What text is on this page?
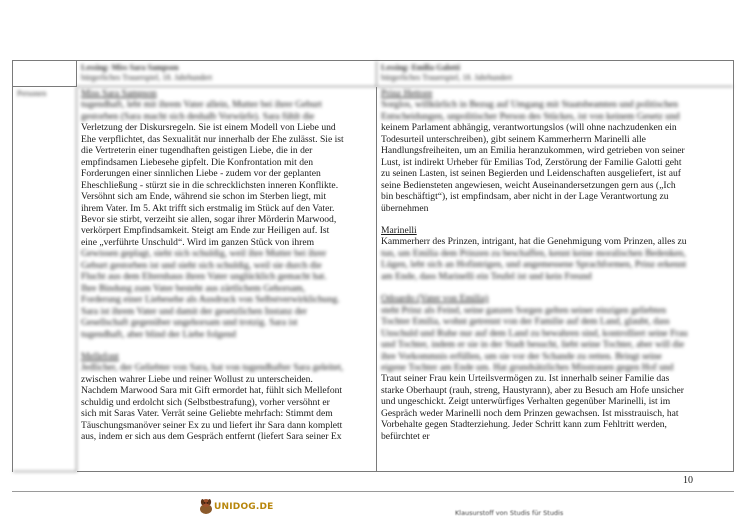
Lessing: Miss Sara Sampson
bürgerliches Trauerspiel, 18. Jahrhundert
Lessing: Emilia Galotti
bürgerliches Trauerspiel, 18. Jahrhundert
Personen	Miss Sara Sampson

tugendhaft, lebt mit ihrem Vater allein, Mutter bei ihrer Geburt

gestorben (Sara macht sich deshalb Vorwürfe). Sara fühlt die

Verletzung der Diskursregeln. Sie ist einem Modell von Liebe und

Ehe verpflichtet, das Sexualität nur innerhalb der Ehe zulässt. Sie ist

die Vertreterin einer tugendhaften geistigen Liebe, die in der

empfindsamen Liebesehe gipfelt. Die Konfrontation mit den

Forderungen einer sinnlichen Liebe - zudem vor der geplanten

Eheschließung - stürzt sie in die schrecklichsten inneren Konflikte.

Versöhnt sich am Ende, während sie schon im Sterben liegt, mit

ihrem Vater. Im 5. Akt trifft sich erstmalig im Stück auf den Vater.

Bevor sie stirbt, verzeiht sie allen, sogar ihrer Mörderin Marwood,

verkörpert Empfindsamkeit. Steigt am Ende zur Heiligen auf. Ist

eine „verführte Unschuld“. Wird im ganzen Stück von ihrem

Gewissen geplagt, sieht sich schuldig, weil ihre Mutter bei ihrer

Geburt gestorben ist und sieht sich schuldig, weil sie durch die

Flucht aus dem Elternhaus ihren Vater unglücklich gemacht hat.

Ihre Bindung zum Vater besteht aus zärtlichem Gehorsam,

Forderung einer Liebesehe als Ausdruck von Selbstverwirklichung.

Sara ist ihrem Vater und damit der gesetzlichen Instanz der

Gesellschaft gegenüber ungehorsam und trotzig. Sara ist

tugendhaft, aber blind der Liebe folgend

Mellefont

Jedlicher, der Geliebter von Sara, hat von tugendhafter Sara geleitet,

zwischen wahrer Liebe und reiner Wollust zu unterscheiden.

Nachdem Marwood Sara mit Gift ermordet hat, fühlt sich Mellefont

schuldig und erdolcht sich (Selbstbestrafung), vorher versöhnt er

sich mit Saras Vater. Verrät seine Geliebte mehrfach: Stimmt dem

Täuschungsmanöver seiner Ex zu und liefert ihr Sara dann komplett

aus, indem er sich aus dem Gespräch entfernt (liefert Sara seiner Ex

Prinz Hettore

Sorglos, willkürlich in Bezug auf Umgang mit Staatsbeamten und politischen

Entscheidungen, unpolitischer Person des Stückes, ist von keinem Gesetz und

keinem Parlament abhängig, verantwortungslos (will ohne nachzudenken ein

Todesurteil unterschreiben), gibt seinem Kammerherrn Marinelli alle

Handlungsfreiheiten, um an Emilia heranzukommen, wird getrieben von seiner

Lust, ist indirekt Urheber für Emilias Tod, Zerstörung der Familie Galotti geht

zu seinen Lasten, ist seinen Begierden und Leidenschaften ausgeliefert, ist auf

seine Bediensteten angewiesen, weicht Auseinandersetzungen gern aus („Ich

bin beschäftigt“), ist empfindsam, aber nicht in der Lage Verantwortung zu

übernehmen

Marinelli

Kammerherr des Prinzen, intrigant, hat die Genehmigung vom Prinzen, alles zu

tun, um Emilia dem Prinzen zu beschaffen, kennt keine moralischen Bedenken,

Lügen, lebt sich an Hofintrigen, und angemessene Sprachformen, Prinz erkennt

am Ende, dass Marinelli ein Teufel ist und kein Freund

Odoardo (Vater von Emilia)

steht Prinz als Feind, seine ganzen Sorgen gelten seiner einzigen geliebten

Tochter Emilia, wohnt getrennt von der Familie auf dem Land, glaubt, dass

Unschuld und Ruhe nur auf dem Land zu bewahren sind, kontrolliert seine Frau

und Tochter, indem er sie in der Stadt besucht, liebt seine Tochter, aber will die

ihre Vorkommnis erfüllen, um sie vor der Schande zu retten. Bringt seine

eigene Tochter am Ende um. Hat grundsätzliches Misstrauen gegen Hof und

Traut seiner Frau kein Urteilsvermögen zu. Ist innerhalb seiner Familie das

starke Oberhaupt (rauh, streng, Haustyrann), aber zu Besuch am Hofe unsicher

und ungeschickt. Zeigt unterwürfiges Verhalten gegenüber Marinelli, ist im

Gespräch weder Marinelli noch dem Prinzen gewachsen. Ist misstrauisch, hat

Vorbehalte gegen Stadterziehung. Jeder Schritt kann zum Fehltritt werden,

befürchtet er

10
UNIDOG.DE
Klausurstoff von Studis für Studis
